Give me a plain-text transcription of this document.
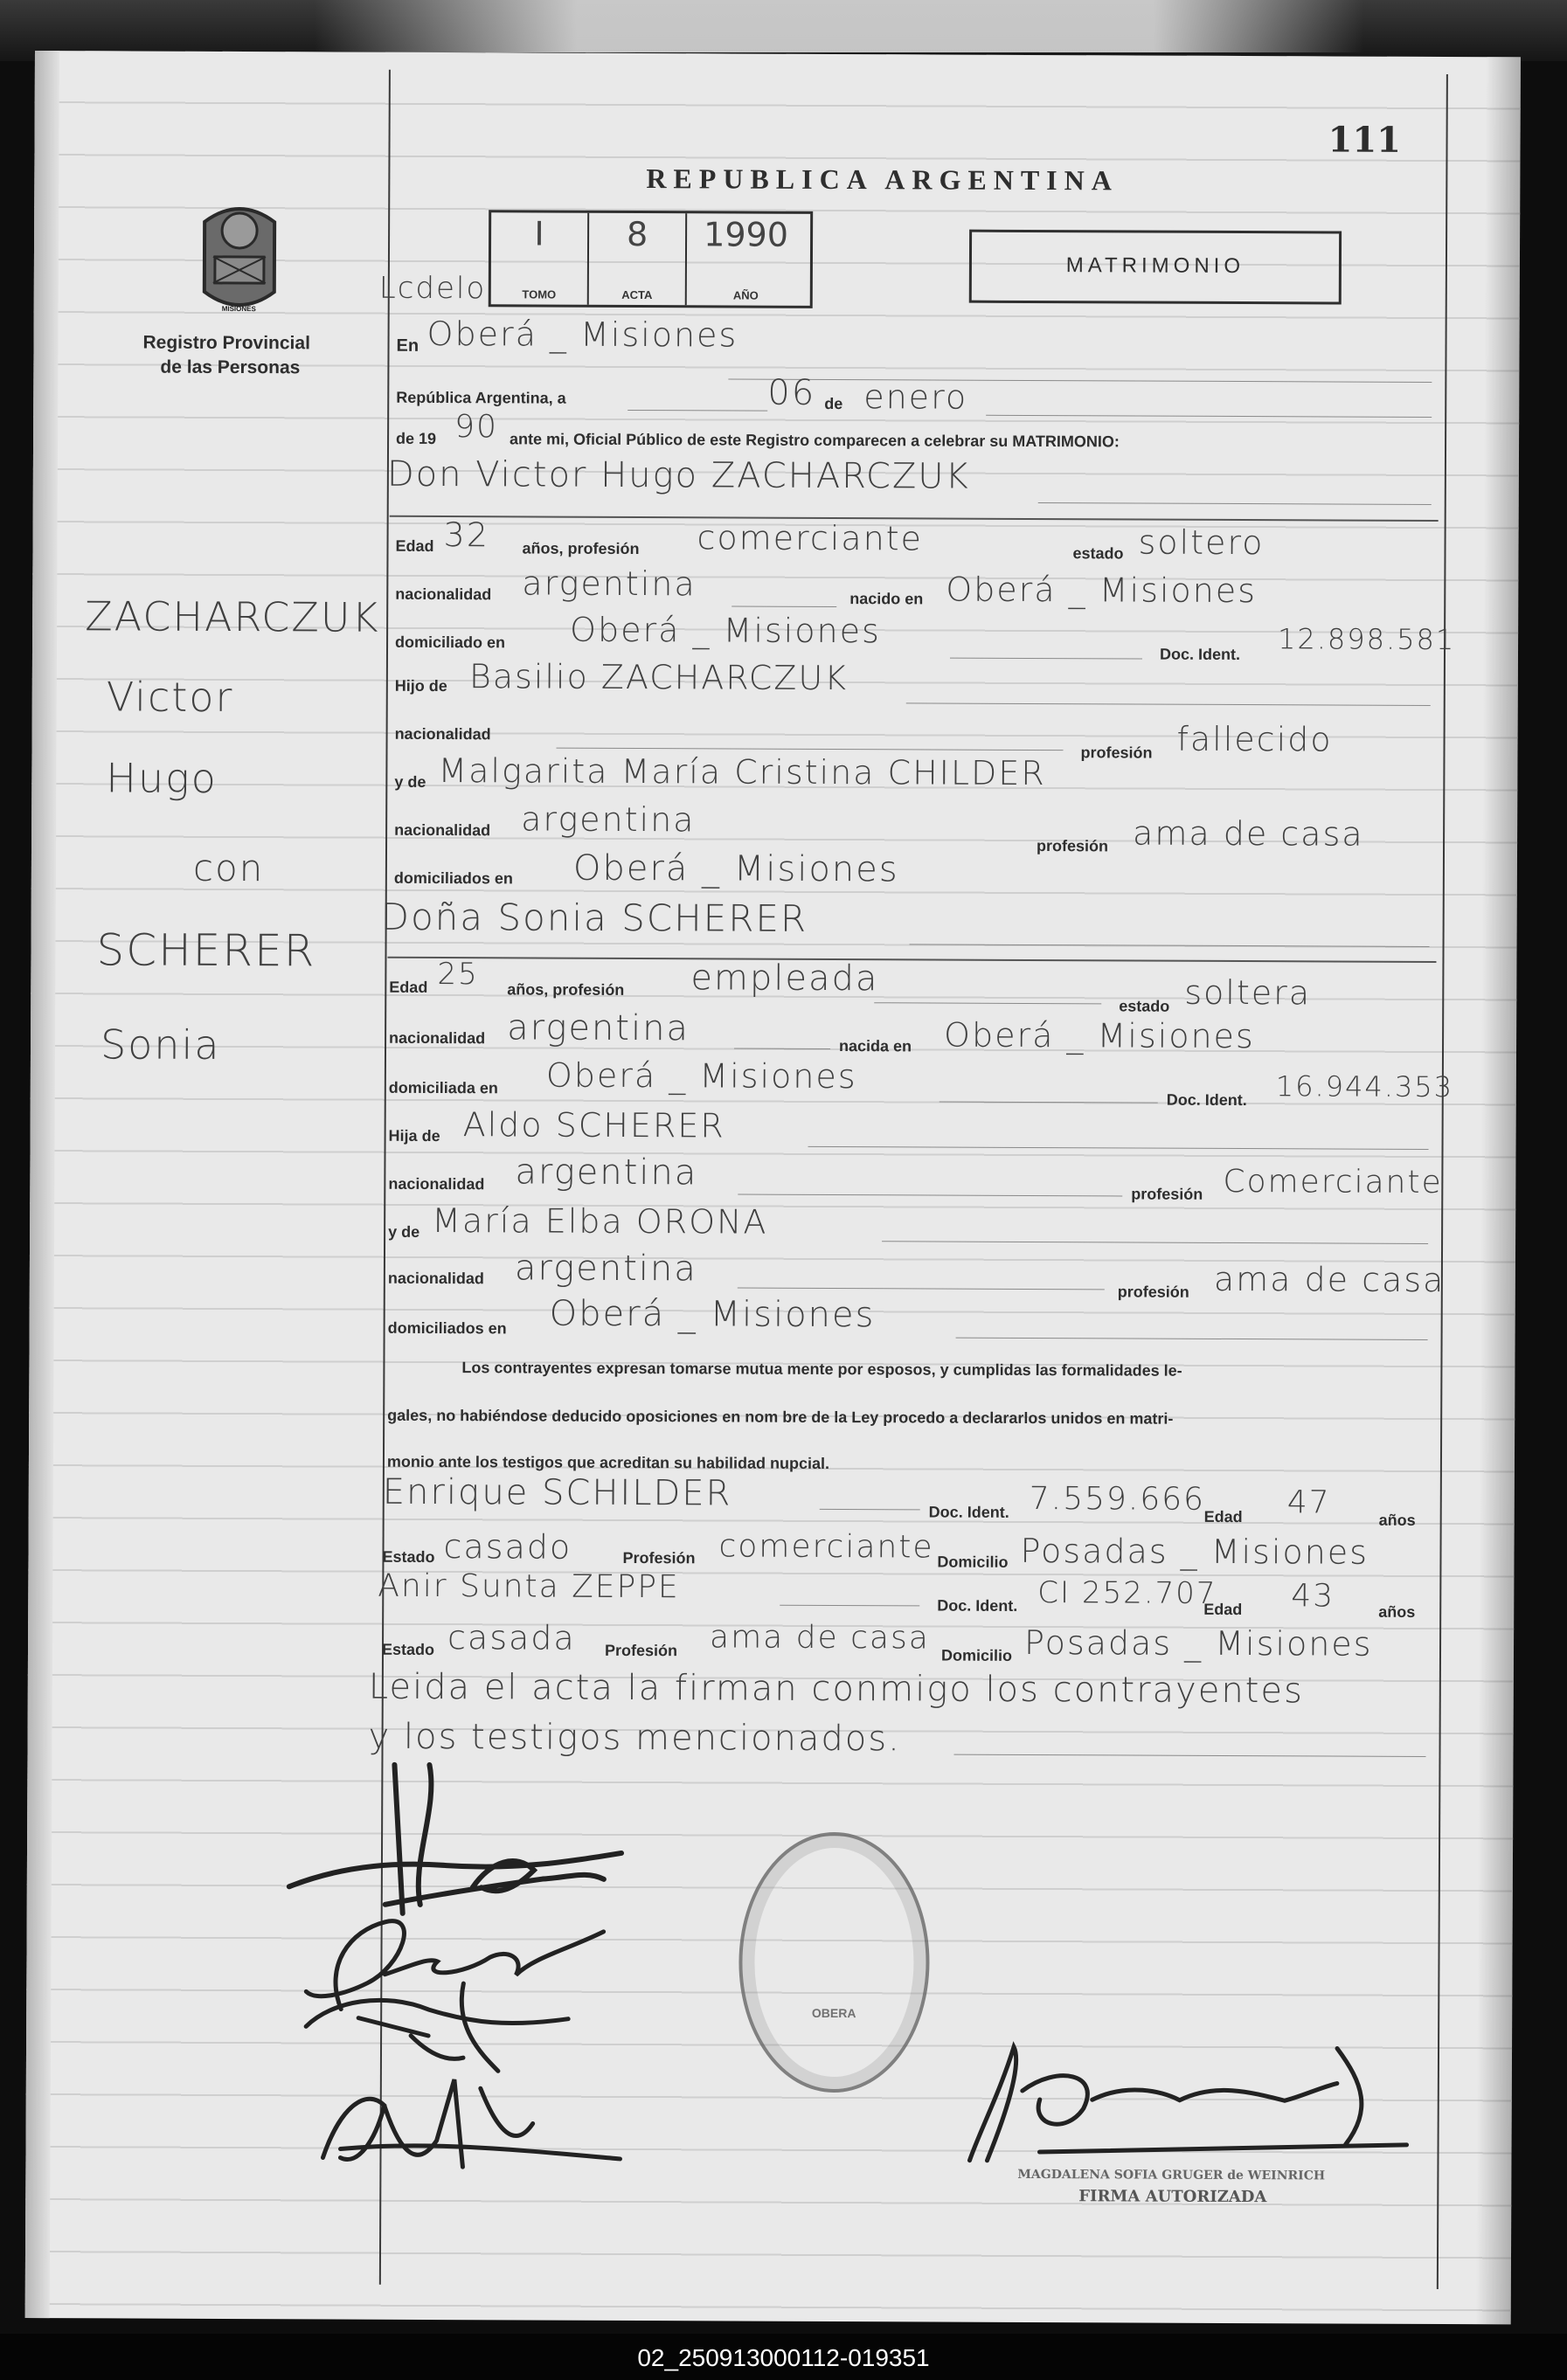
111
REPUBLICA ARGENTINA
MATRIMONIO
MISIONES
Registro Provincial
de las Personas
Lcdelo
I
TOMO
8
ACTA
1990
AÑO
ZACHARCZUK
Victor
Hugo
con
SCHERER
Sonia
En Oberá _ Misiones
República Argentina, a	06 de enero
de 19 90 ante mi, Oficial Público de este Registro comparecen a celebrar su MATRIMONIO:
Don Victor Hugo ZACHARCZUK
Edad 32 años, profesión comerciante	estado soltero
nacionalidad argentina	nacido en Oberá _ Misiones
domiciliado en Oberá _ Misiones
Doc. Ident. 12.898.581
Hijo de Basilio ZACHARCZUK
nacionalidad
profesión fallecido
y de Malgarita María Cristina CHILDER
nacionalidad argentina
profesión ama de casa
domiciliados en Oberá _ Misiones
Doña Sonia SCHERER
Edad 25 años, profesión empleada
estado soltera
nacionalidad argentina	nacida en Oberá _ Misiones
domiciliada en Oberá _ Misiones
Doc. Ident. 16.944.353
Hija de Aldo SCHERER
nacionalidad argentina
profesión Comerciante
y de María Elba ORONA
nacionalidad argentina
profesión ama de casa
domiciliados en Oberá _ Misiones
Los contrayentes expresan tomarse mutua mente por esposos, y cumplidas las formalidades le-
gales, no habiéndose deducido oposiciones en nom bre de la Ley procedo a declararlos unidos en matri-
monio ante los testigos que acreditan su habilidad nupcial.
Enrique SCHILDER	Doc. Ident. 7.559.666
Edad 47	años
Estado casado	Profesión comerciante Domicilio Posadas _ Misiones
Anir Sunta ZEPPE
Doc. Ident. CI 252.707
Edad 43	años
Estado casada Profesión ama de casa Domicilio Posadas _ Misiones
Leida el acta la firman conmigo los contrayentes
y los testigos mencionados.
OBERA
MAGDALENA SOFIA GRUGER de WEINRICH
FIRMA AUTORIZADA
02_250913000112-019351
